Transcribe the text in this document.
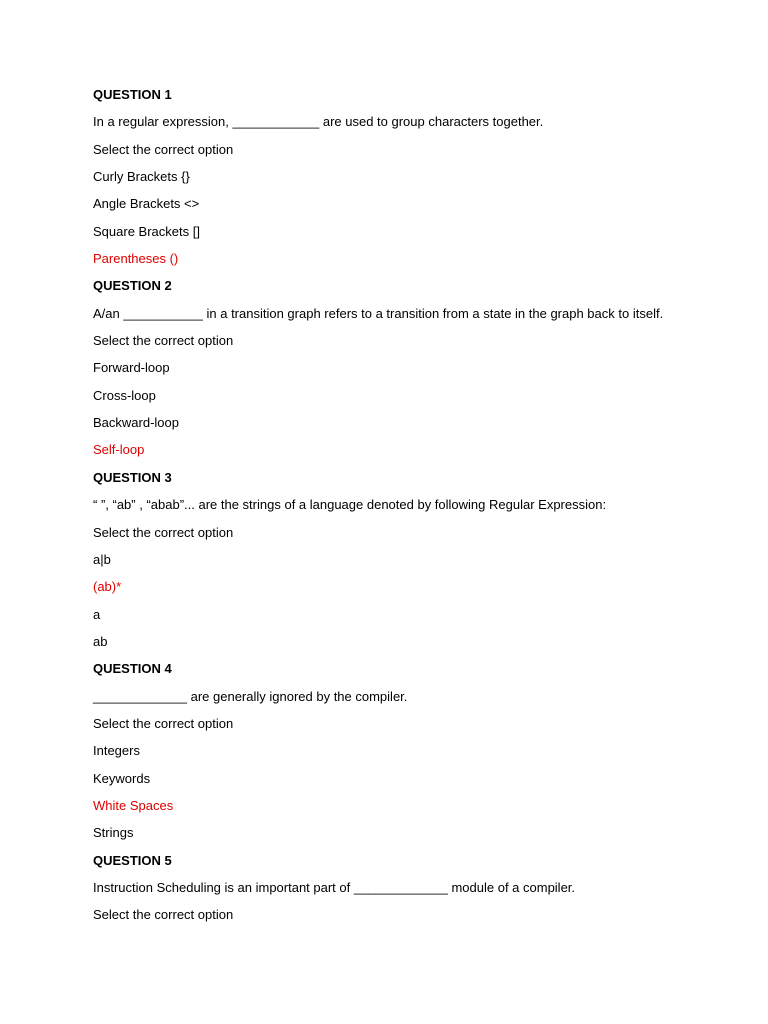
QUESTION 1
In a regular expression, ____________ are used to group characters together.
Select the correct option
Curly Brackets {}
Angle Brackets <>
Square Brackets []
Parentheses ()
QUESTION 2
A/an ___________ in a transition graph refers to a transition from a state in the graph back to itself.
Select the correct option
Forward-loop
Cross-loop
Backward-loop
Self-loop
QUESTION 3
“ ”, “ab” , “abab”... are the strings of a language denoted by following Regular Expression:
Select the correct option
a|b
(ab)*
a
ab
QUESTION 4
_____________ are generally ignored by the compiler.
Select the correct option
Integers
Keywords
White Spaces
Strings
QUESTION 5
Instruction Scheduling is an important part of _____________ module of a compiler.
Select the correct option
